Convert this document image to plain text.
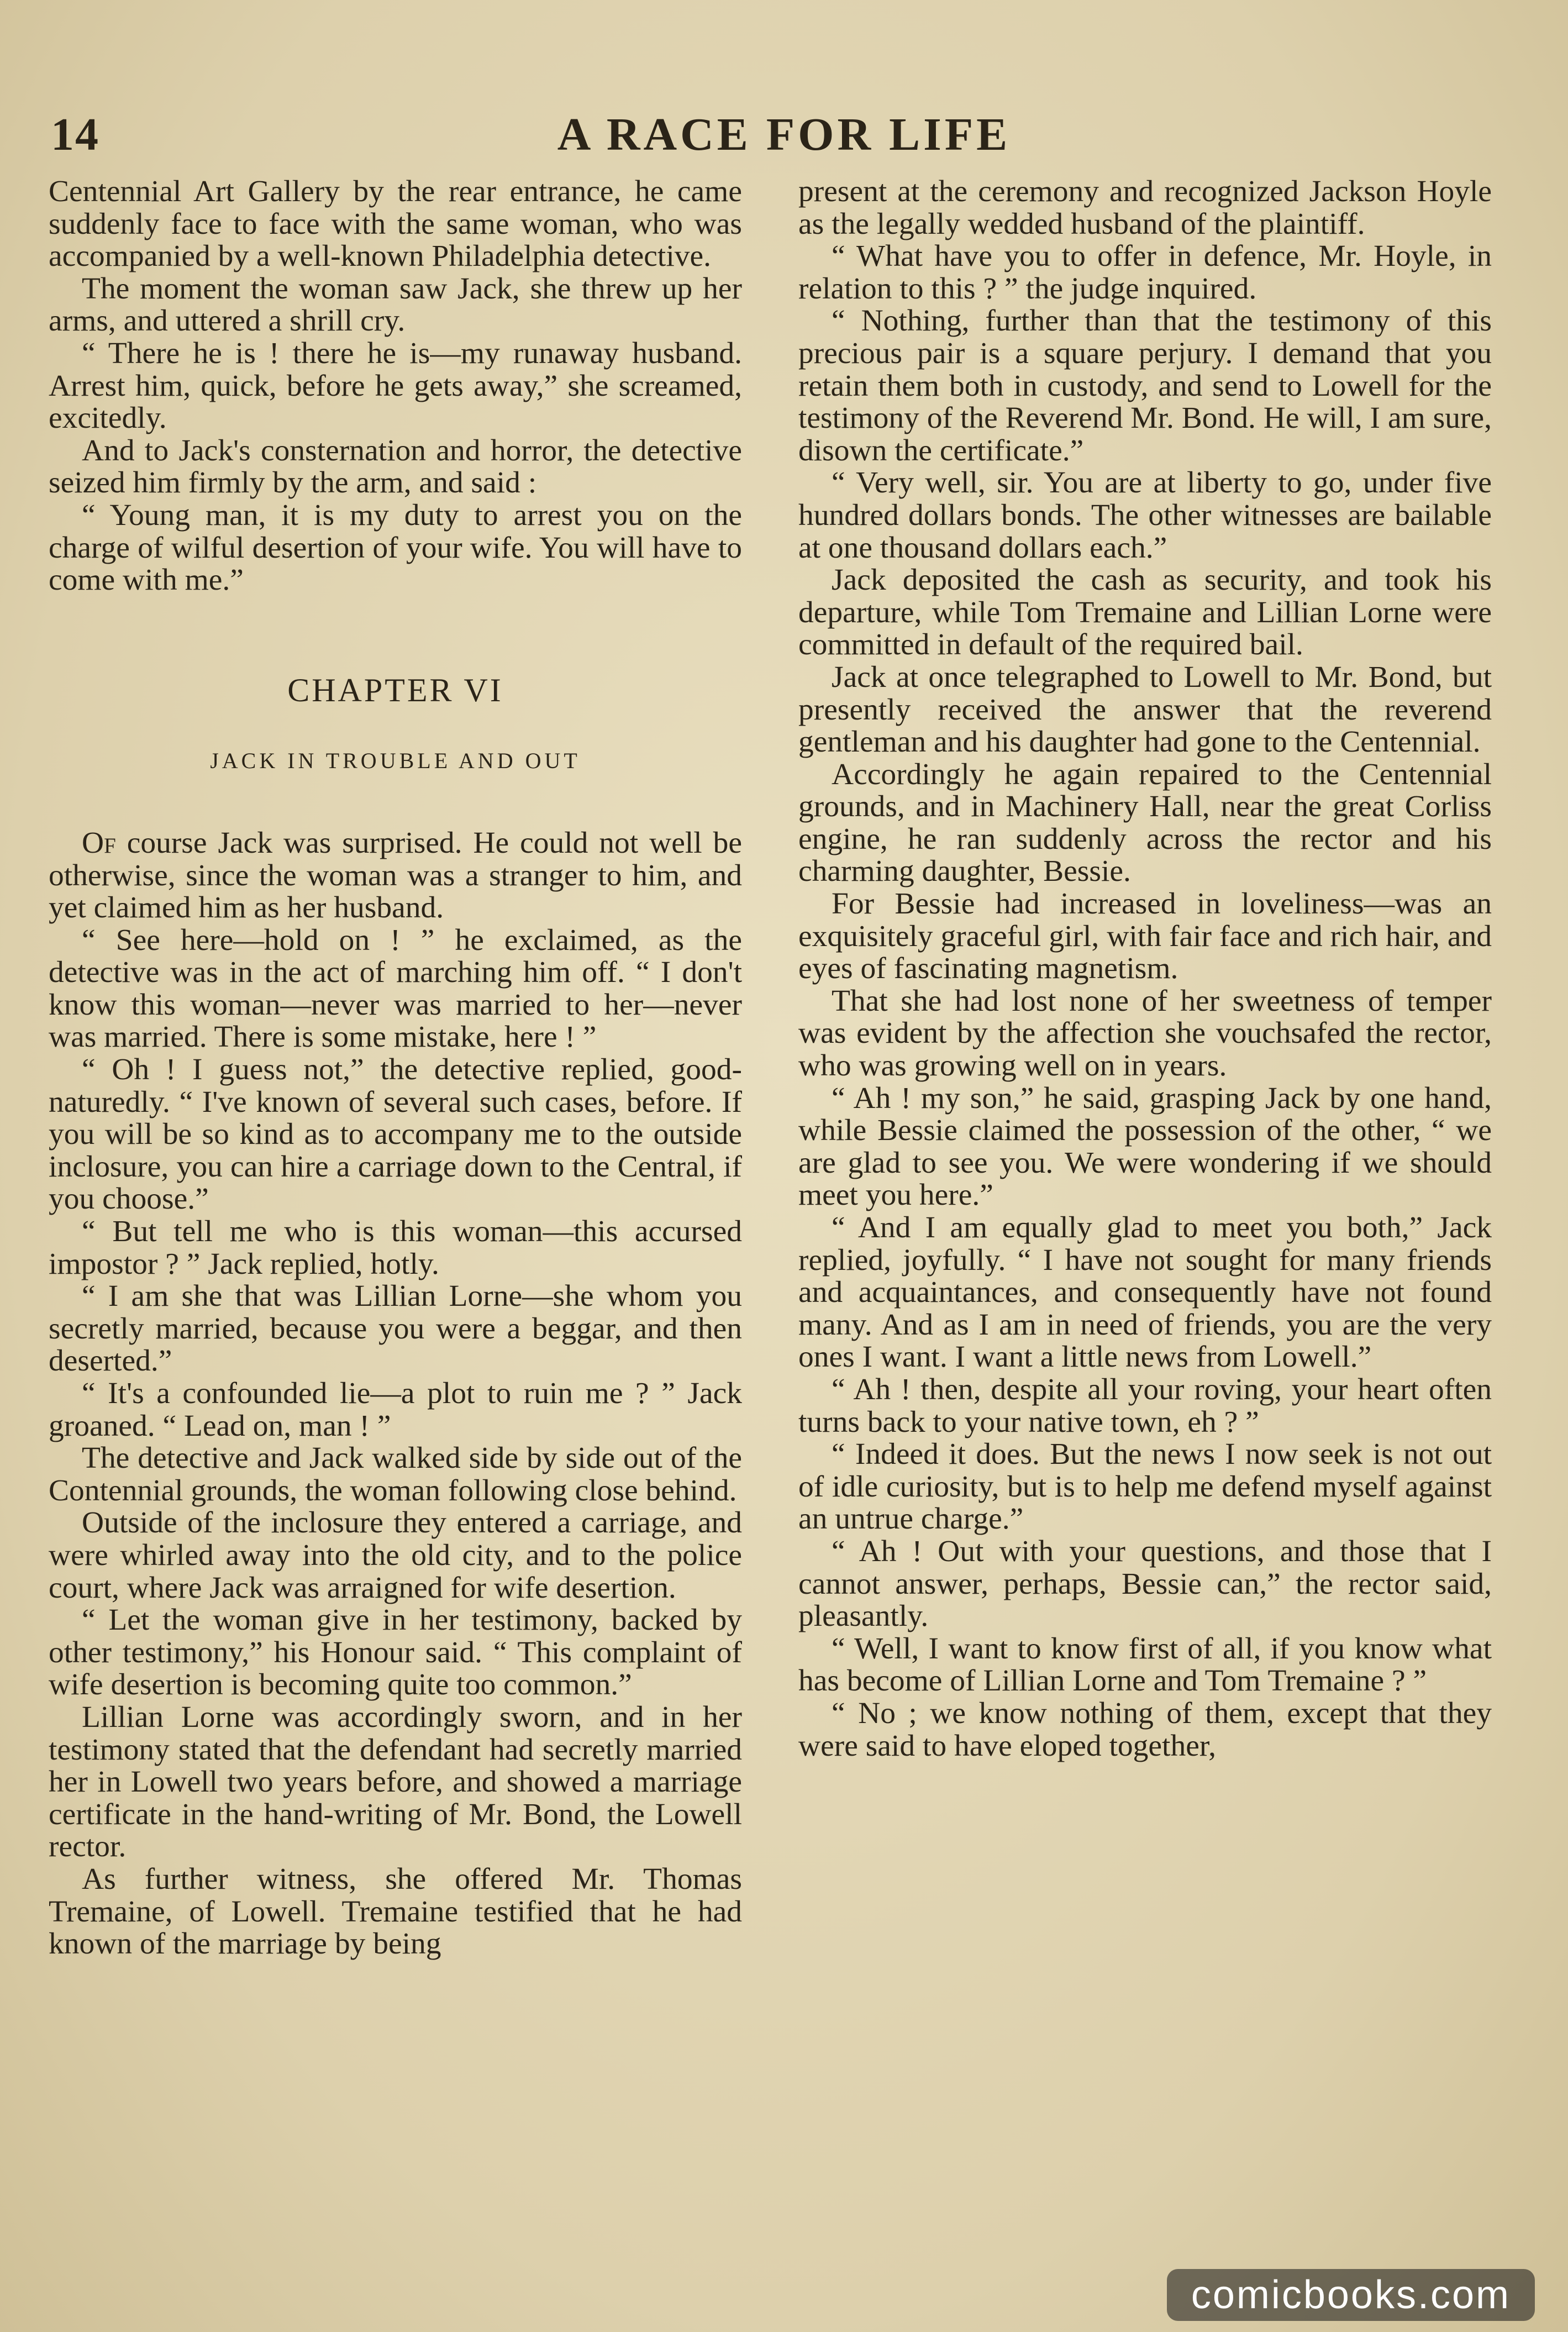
14	A RACE FOR LIFE

Centennial Art Gallery by the rear entrance, he came suddenly face to face with the same woman, who was accompanied by a well-known Philadelphia detective.

The moment the woman saw Jack, she threw up her arms, and uttered a shrill cry.

“ There he is ! there he is—my runaway husband. Arrest him, quick, before he gets away,” she screamed, excitedly.

And to Jack's consternation and horror, the detective seized him firmly by the arm, and said :

“ Young man, it is my duty to arrest you on the charge of wilful desertion of your wife. You will have to come with me.”

CHAPTER VI
JACK IN TROUBLE AND OUT

Of course Jack was surprised. He could not well be otherwise, since the woman was a stranger to him, and yet claimed him as her husband.

“ See here—hold on ! ” he exclaimed, as the detective was in the act of marching him off. “ I don't know this woman—never was married to her—never was married. There is some mistake, here ! ”

“ Oh ! I guess not,” the detective replied, good-naturedly. “ I've known of several such cases, before. If you will be so kind as to accompany me to the outside inclosure, you can hire a carriage down to the Central, if you choose.”

“ But tell me who is this woman—this accursed impostor ? ” Jack replied, hotly.

“ I am she that was Lillian Lorne—she whom you secretly married, because you were a beggar, and then deserted.”

“ It's a confounded lie—a plot to ruin me ? ” Jack groaned. “ Lead on, man ! ”

The detective and Jack walked side by side out of the Contennial grounds, the woman following close behind.

Outside of the inclosure they entered a carriage, and were whirled away into the old city, and to the police court, where Jack was arraigned for wife desertion.

“ Let the woman give in her testimony, backed by other testimony,” his Honour said. “ This complaint of wife desertion is becoming quite too common.”

Lillian Lorne was accordingly sworn, and in her testimony stated that the defendant had secretly married her in Lowell two years before, and showed a marriage certificate in the hand-writing of Mr. Bond, the Lowell rector.

As further witness, she offered Mr. Thomas Tremaine, of Lowell. Tremaine testified that he had known of the marriage by being

present at the ceremony and recognized Jackson Hoyle as the legally wedded husband of the plaintiff.

“ What have you to offer in defence, Mr. Hoyle, in relation to this ? ” the judge inquired.

“ Nothing, further than that the testimony of this precious pair is a square perjury. I demand that you retain them both in custody, and send to Lowell for the testimony of the Reverend Mr. Bond. He will, I am sure, disown the certificate.”

“ Very well, sir. You are at liberty to go, under five hundred dollars bonds. The other witnesses are bailable at one thousand dollars each.”

Jack deposited the cash as security, and took his departure, while Tom Tremaine and Lillian Lorne were committed in default of the required bail.

Jack at once telegraphed to Lowell to Mr. Bond, but presently received the answer that the reverend gentleman and his daughter had gone to the Centennial.

Accordingly he again repaired to the Centennial grounds, and in Machinery Hall, near the great Corliss engine, he ran suddenly across the rector and his charming daughter, Bessie.

For Bessie had increased in loveliness—was an exquisitely graceful girl, with fair face and rich hair, and eyes of fascinating magnetism.

That she had lost none of her sweetness of temper was evident by the affection she vouchsafed the rector, who was growing well on in years.

“ Ah ! my son,” he said, grasping Jack by one hand, while Bessie claimed the possession of the other, “ we are glad to see you. We were wondering if we should meet you here.”

“ And I am equally glad to meet you both,” Jack replied, joyfully. “ I have not sought for many friends and acquaintances, and consequently have not found many. And as I am in need of friends, you are the very ones I want. I want a little news from Lowell.”

“ Ah ! then, despite all your roving, your heart often turns back to your native town, eh ? ”

“ Indeed it does. But the news I now seek is not out of idle curiosity, but is to help me defend myself against an untrue charge.”

“ Ah ! Out with your questions, and those that I cannot answer, perhaps, Bessie can,” the rector said, pleasantly.

“ Well, I want to know first of all, if you know what has become of Lillian Lorne and Tom Tremaine ? ”

“ No ; we know nothing of them, except that they were said to have eloped together,

comicbooks.com
